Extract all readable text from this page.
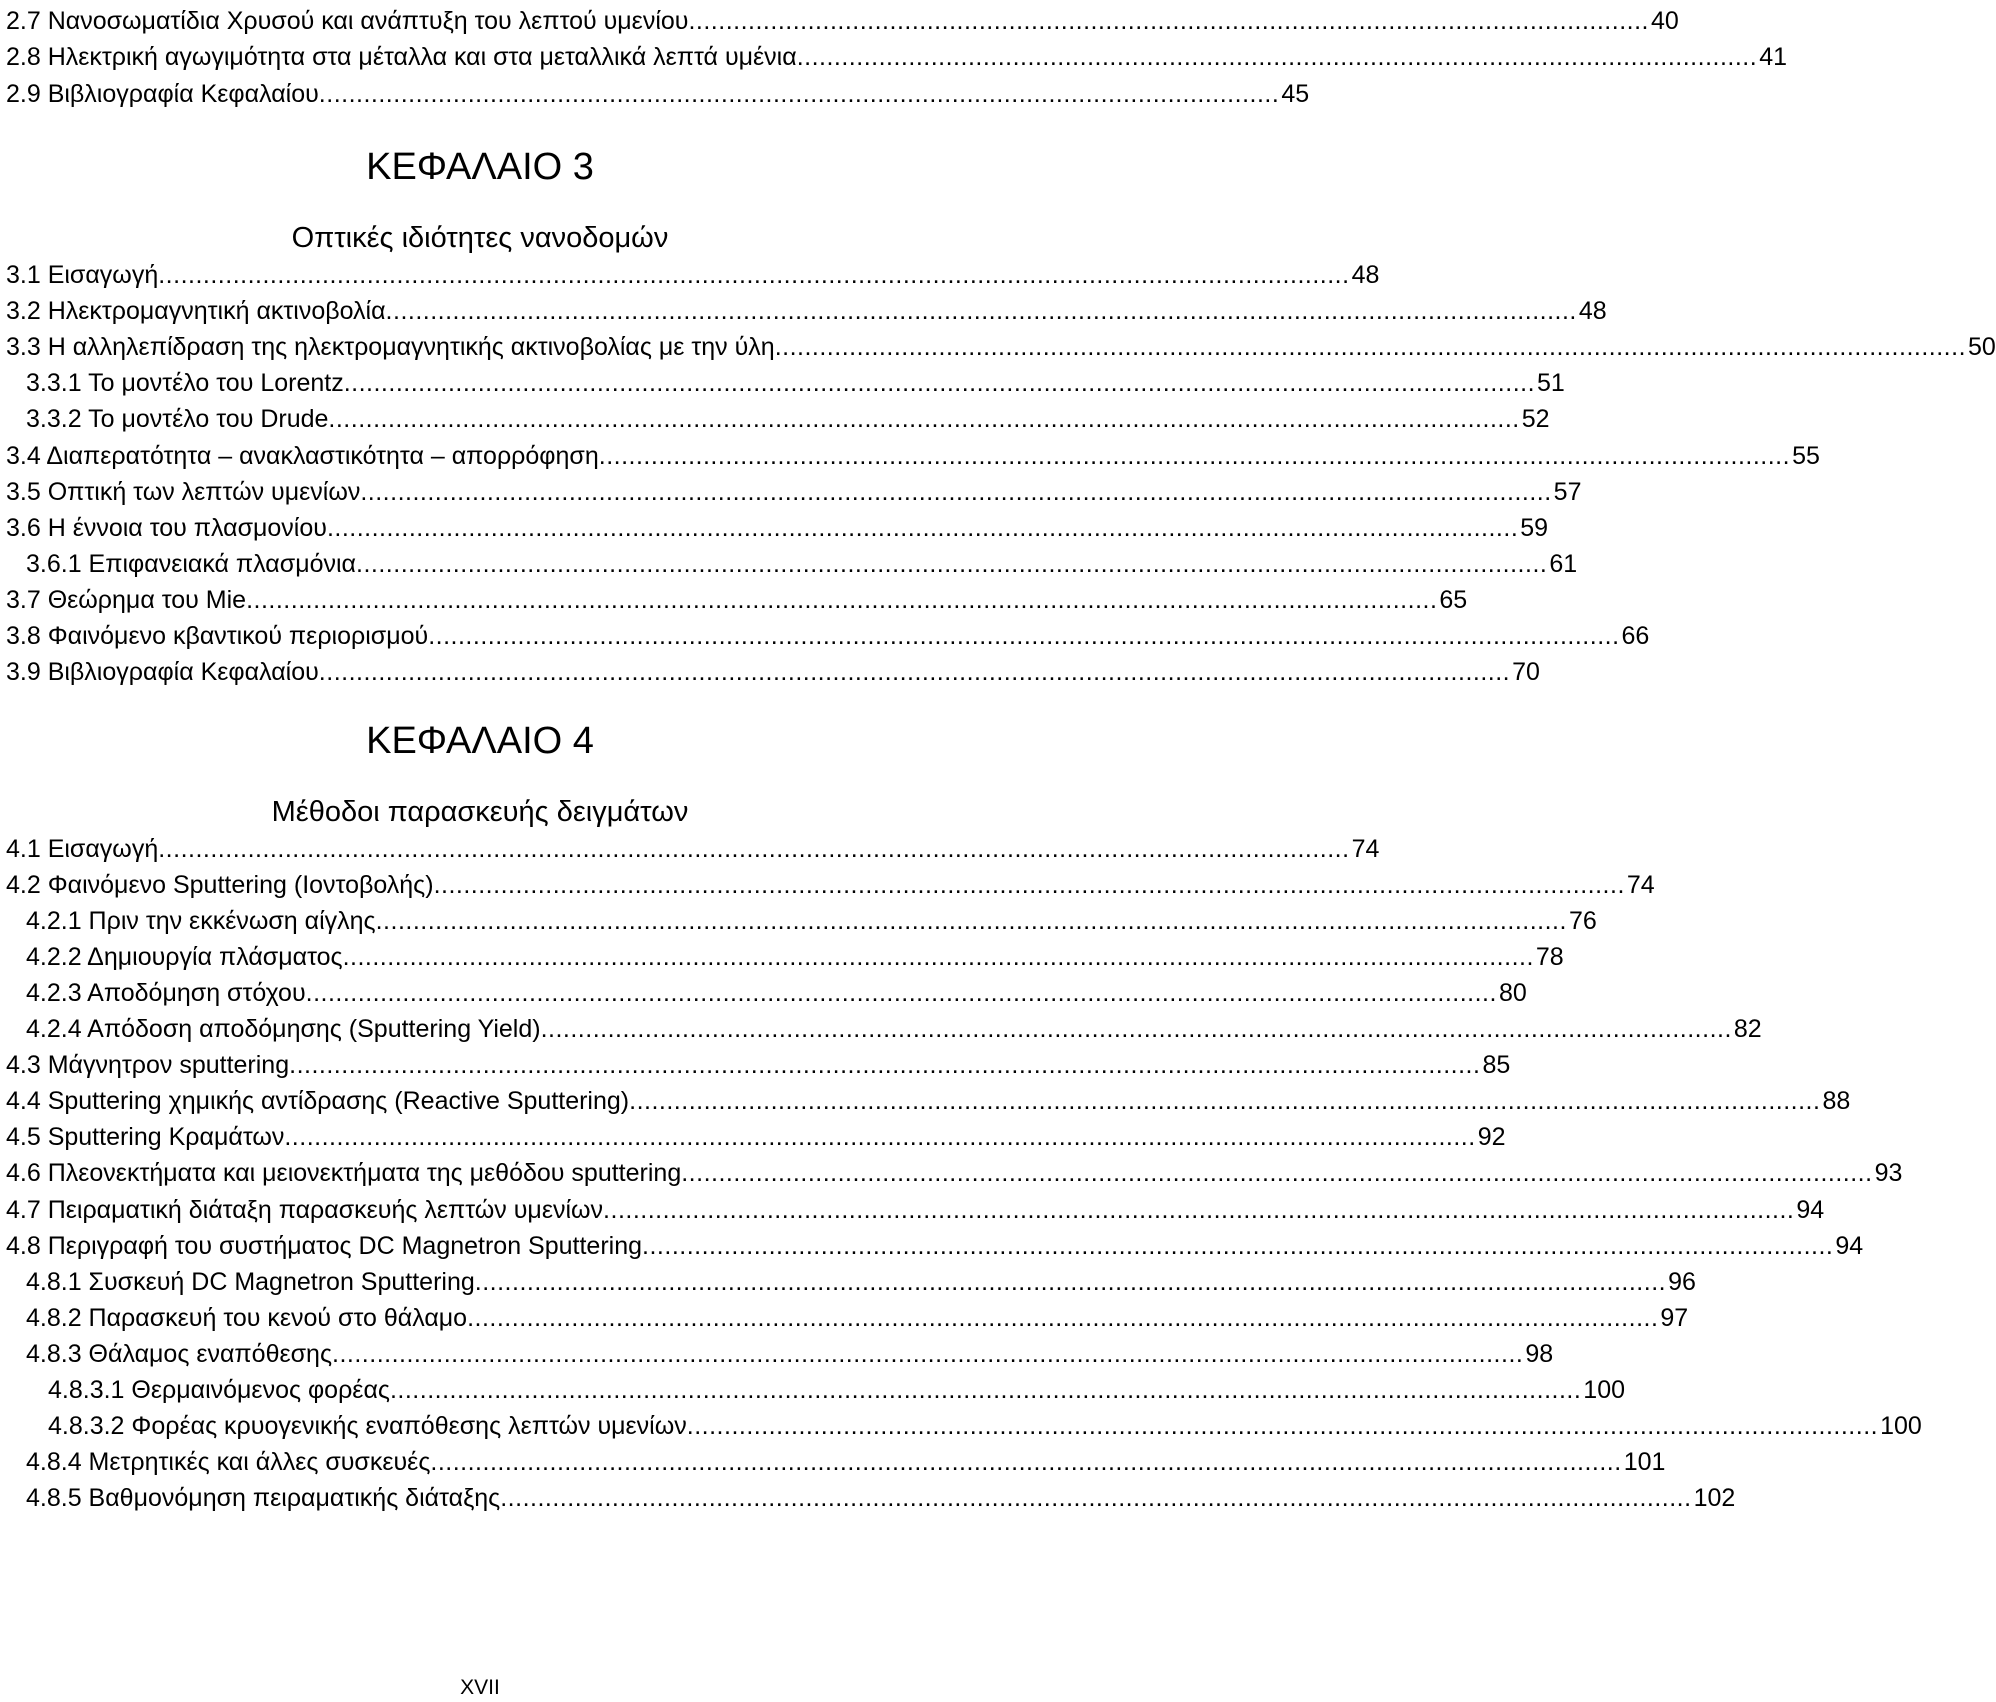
2.7 Νανοσωματίδια Χρυσού και ανάπτυξη του λεπτού υμενίου ................................................................................................................................. 40
2.8 Ηλεκτρική αγωγιμότητα στα μέταλλα και στα μεταλλικά λεπτά υμένια ................................................................................................................................. 41
2.9 Βιβλιογραφία Κεφαλαίου ................................................................................................................................. 45
ΚΕΦΑΛΑΙΟ 3
Οπτικές ιδιότητες νανοδομών
3.1 Εισαγωγή ................................................................................................................................................................ 48
3.2 Ηλεκτρομαγνητική ακτινοβολία ................................................................................................................................................................ 48
3.3 Η αλληλεπίδραση της ηλεκτρομαγνητικής ακτινοβολίας με την ύλη ................................................................................................................................................................ 50
3.3.1 Το μοντέλο του Lorentz ................................................................................................................................................................ 51
3.3.2 Το μοντέλο του Drude ................................................................................................................................................................ 52
3.4 Διαπερατότητα – ανακλαστικότητα – απορρόφηση ................................................................................................................................................................ 55
3.5 Οπτική των λεπτών υμενίων ................................................................................................................................................................ 57
3.6 Η έννοια του πλασμονίου ................................................................................................................................................................ 59
3.6.1 Επιφανειακά πλασμόνια ................................................................................................................................................................ 61
3.7 Θεώρημα του Mie ................................................................................................................................................................ 65
3.8 Φαινόμενο κβαντικού περιορισμού ................................................................................................................................................................ 66
3.9 Βιβλιογραφία Κεφαλαίου ................................................................................................................................................................ 70
ΚΕΦΑΛΑΙΟ 4
Μέθοδοι παρασκευής δειγμάτων
4.1 Εισαγωγή ................................................................................................................................................................ 74
4.2 Φαινόμενο Sputtering (Ιοντοβολής) ................................................................................................................................................................ 74
4.2.1 Πριν την εκκένωση αίγλης ................................................................................................................................................................ 76
4.2.2 Δημιουργία πλάσματος ................................................................................................................................................................ 78
4.2.3 Αποδόμηση στόχου ................................................................................................................................................................ 80
4.2.4 Απόδοση αποδόμησης (Sputtering Yield) ................................................................................................................................................................ 82
4.3 Μάγνητρον sputtering ................................................................................................................................................................ 85
4.4 Sputtering χημικής αντίδρασης (Reactive Sputtering) ................................................................................................................................................................ 88
4.5 Sputtering Κραμάτων ................................................................................................................................................................ 92
4.6 Πλεονεκτήματα και μειονεκτήματα της μεθόδου sputtering ................................................................................................................................................................ 93
4.7 Πειραματική διάταξη παρασκευής λεπτών υμενίων ................................................................................................................................................................ 94
4.8 Περιγραφή του συστήματος DC Magnetron Sputtering ................................................................................................................................................................ 94
4.8.1 Συσκευή DC Magnetron Sputtering ................................................................................................................................................................ 96
4.8.2 Παρασκευή του κενού στο θάλαμο ................................................................................................................................................................ 97
4.8.3 Θάλαμος εναπόθεσης ................................................................................................................................................................ 98
4.8.3.1 Θερμαινόμενος φορέας ................................................................................................................................................................ 100
4.8.3.2 Φορέας κρυογενικής εναπόθεσης λεπτών υμενίων ................................................................................................................................................................ 100
4.8.4 Μετρητικές και άλλες συσκευές ................................................................................................................................................................ 101
4.8.5 Βαθμονόμηση πειραματικής διάταξης ................................................................................................................................................................ 102
XVII
